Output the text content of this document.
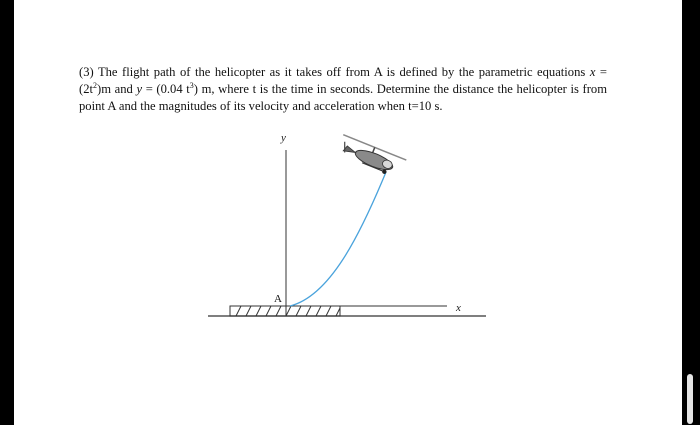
(3) The flight path of the helicopter as it takes off from A is defined by the parametric equations $x = (2t^2)m$ and y = (0.04 $t^3$) m, where t is the time in seconds. Determine the distance the helicopter is from point A and the magnitudes of its velocity and acceleration when t=10 s.
y
x
A
